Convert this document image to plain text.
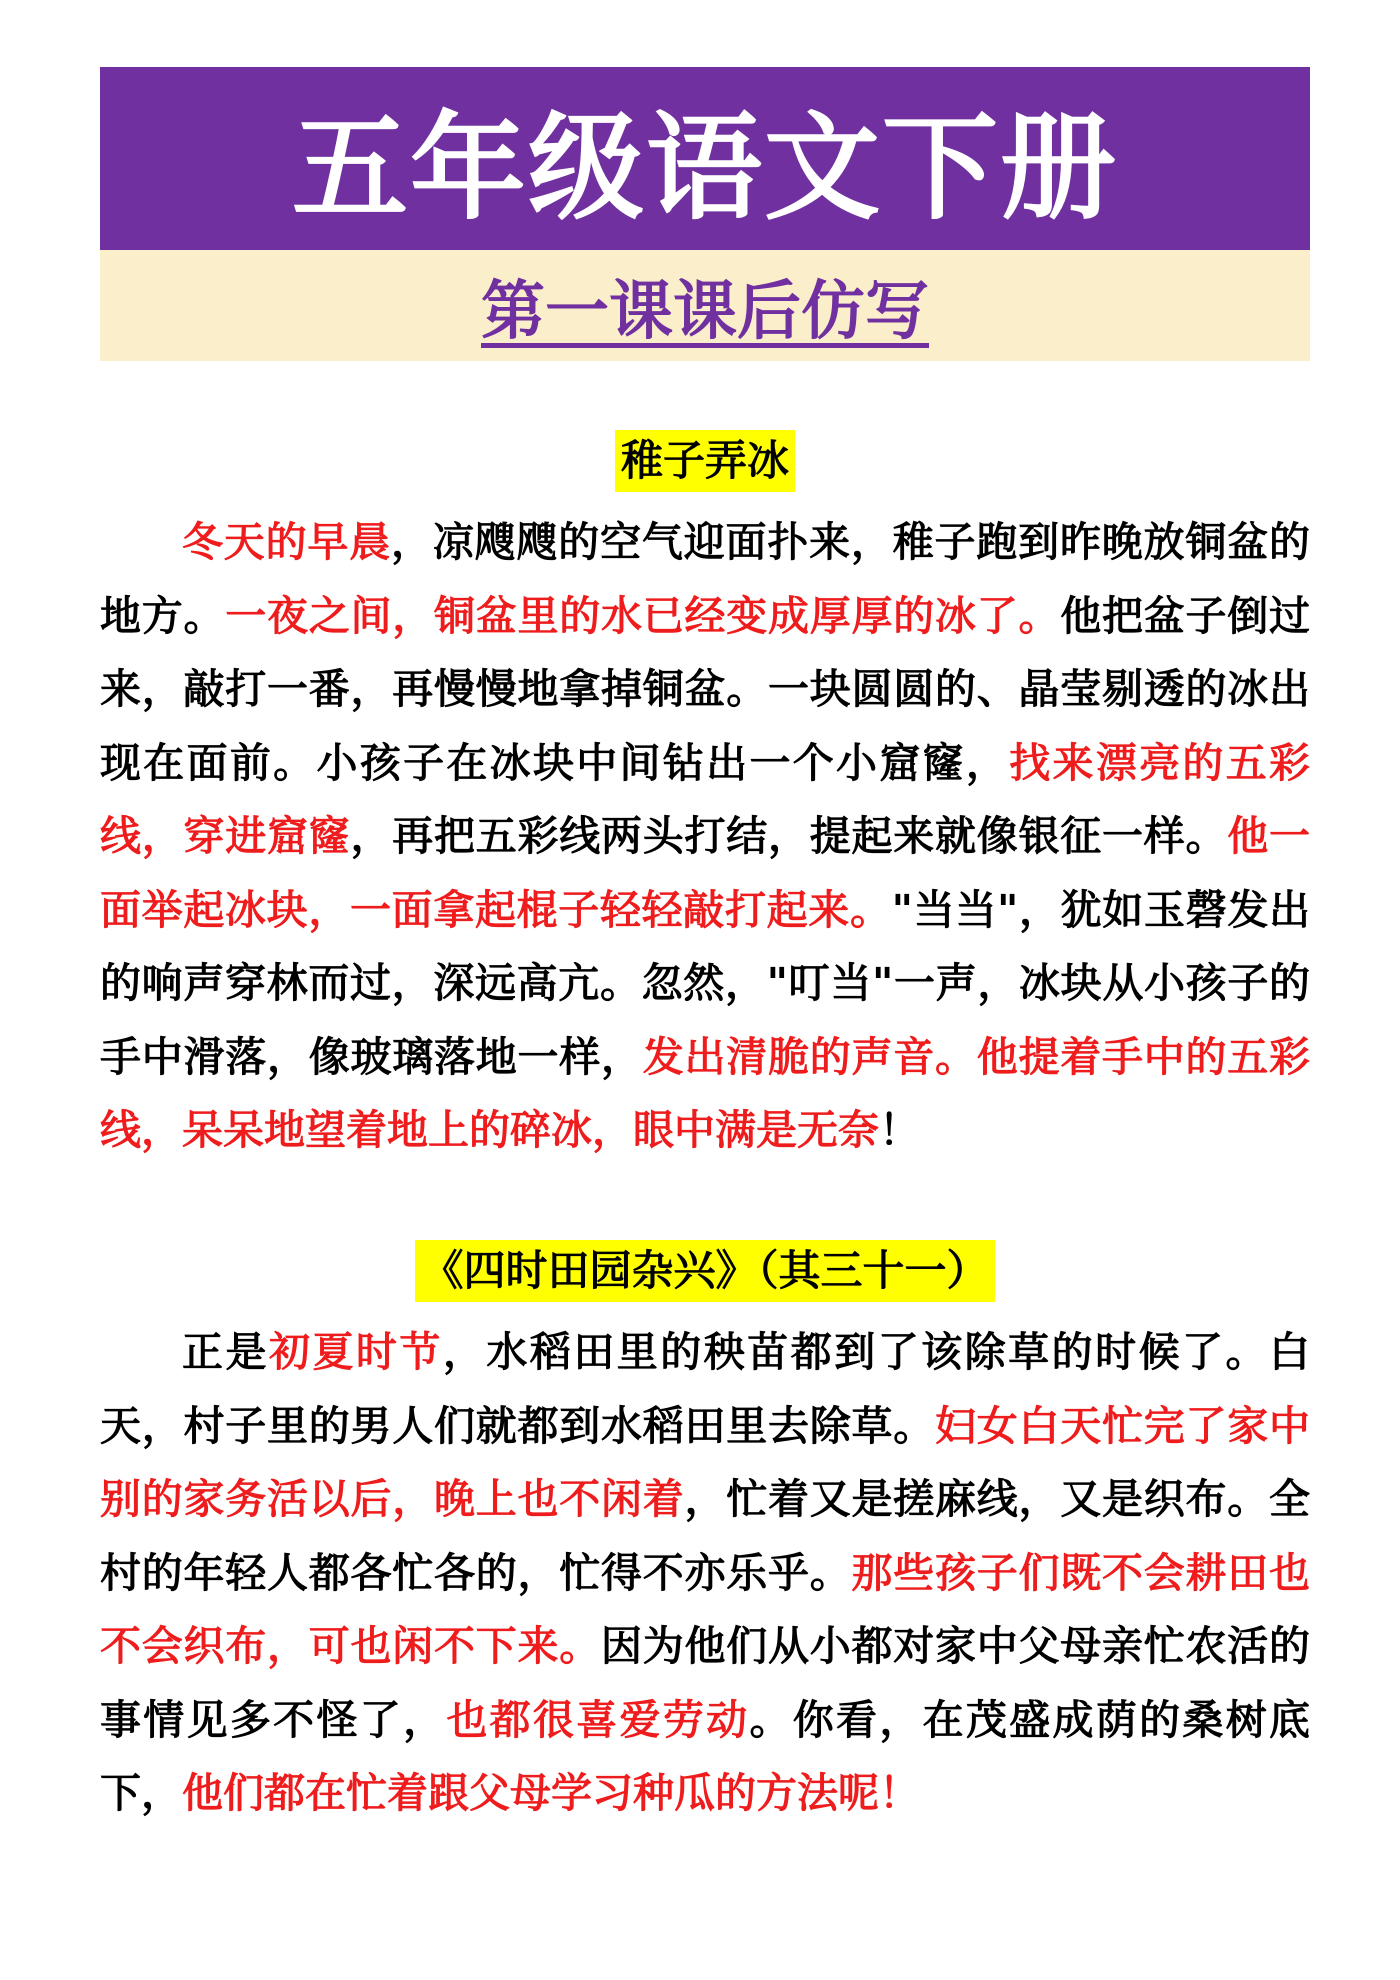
五年级语文下册
第一课课后仿写
稚子弄冰

冬天的早晨，凉飕飕的空气迎面扑来，稚子跑到昨晚放铜盆的地方。一夜之间，铜盆里的水已经变成厚厚的冰了。他把盆子倒过来，敲打一番，再慢慢地拿掉铜盆。一块圆圆的、晶莹剔透的冰出现在面前。小孩子在冰块中间钻出一个小窟窿，找来漂亮的五彩线，穿进窟窿，再把五彩线两头打结，提起来就像银征一样。他一面举起冰块，一面拿起棍子轻轻敲打起来。"当当"，犹如玉磬发出的响声穿林而过，深远高亢。忽然，"叮当"一声，冰块从小孩子的手中滑落，像玻璃落地一样，发出清脆的声音。他提着手中的五彩线，呆呆地望着地上的碎冰，眼中满是无奈！

《四时田园杂兴》（其三十一）

正是初夏时节，水稻田里的秧苗都到了该除草的时候了。白天，村子里的男人们就都到水稻田里去除草。妇女白天忙完了家中别的家务活以后，晚上也不闲着，忙着又是搓麻线，又是织布。全村的年轻人都各忙各的，忙得不亦乐乎。那些孩子们既不会耕田也不会织布，可也闲不下来。因为他们从小都对家中父母亲忙农活的事情见多不怪了，也都很喜爱劳动。你看，在茂盛成荫的桑树底下，他们都在忙着跟父母学习种瓜的方法呢！
